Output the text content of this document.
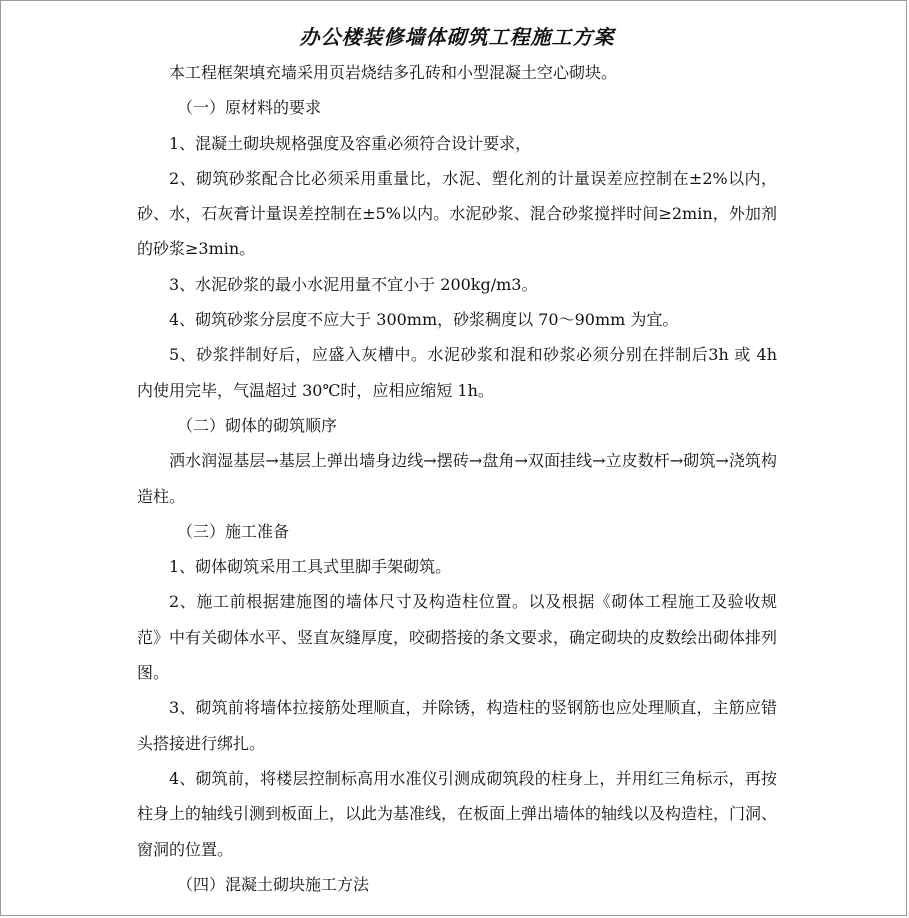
办公楼装修墙体砌筑工程施工方案

本工程框架填充墙采用页岩烧结多孔砖和小型混凝土空心砌块。

（一）原材料的要求

1、混凝土砌块规格强度及容重必须符合设计要求，

2、砌筑砂浆配合比必须采用重量比，水泥、塑化剂的计量误差应控制在±2%以内，砂、水，石灰膏计量误差控制在±5%以内。水泥砂浆、混合砂浆搅拌时间≥2min，外加剂的砂浆≥3min。

3、水泥砂浆的最小水泥用量不宜小于 200kg/m3。

4、砌筑砂浆分层度不应大于 300mm，砂浆稠度以 70～90mm 为宜。

5、砂浆拌制好后，应盛入灰槽中。水泥砂浆和混和砂浆必须分别在拌制后3h 或 4h 内使用完毕，气温超过 30℃时，应相应缩短 1h。

（二）砌体的砌筑顺序

洒水润湿基层→基层上弹出墙身边线→摆砖→盘角→双面挂线→立皮数杆→砌筑→浇筑构造柱。

（三）施工准备

1、砌体砌筑采用工具式里脚手架砌筑。

2、施工前根据建施图的墙体尺寸及构造柱位置。以及根据《砌体工程施工及验收规范》中有关砌体水平、竖直灰缝厚度，咬砌搭接的条文要求，确定砌块的皮数绘出砌体排列图。

3、砌筑前将墙体拉接筋处理顺直，并除锈，构造柱的竖钢筋也应处理顺直，主筋应错头搭接进行绑扎。

4、砌筑前，将楼层控制标高用水准仪引测成砌筑段的柱身上，并用红三角标示，再按柱身上的轴线引测到板面上，以此为基准线，在板面上弹出墙体的轴线以及构造柱，门洞、窗洞的位置。

（四）混凝土砌块施工方法
